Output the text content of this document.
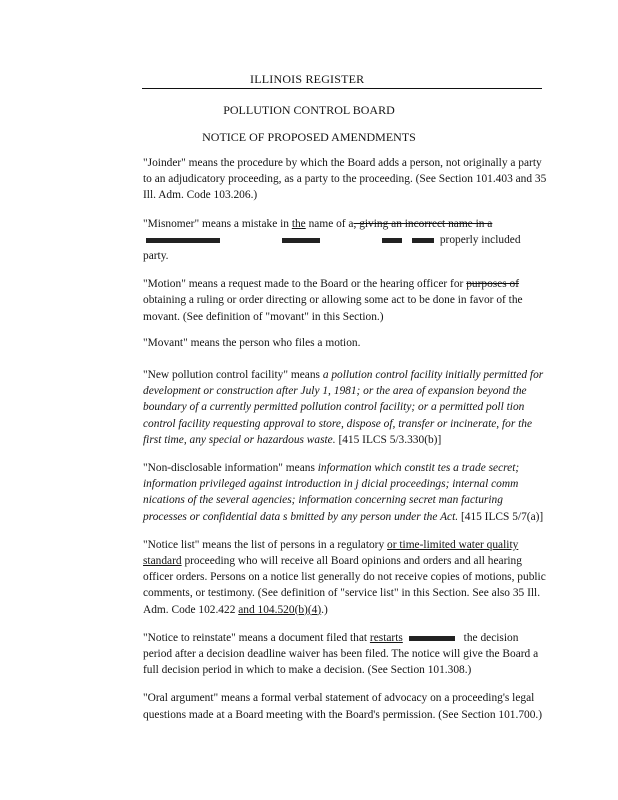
ILLINOIS REGISTER
POLLUTION CONTROL BOARD
NOTICE OF PROPOSED AMENDMENTS

"Joinder" means the procedure by which the Board adds a person, not originally a party to an adjudicatory proceeding, as a party to the proceeding. (See Section 101.403 and 35 Ill. Adm. Code 103.206.)

"Misnomer" means a mistake in the name of a, giving an incorrect name in a
properly included party.

"Motion" means a request made to the Board or the hearing officer for purposes of obtaining a ruling or order directing or allowing some act to be done in favor of the movant. (See definition of "movant" in this Section.)

"Movant" means the person who files a motion.

"New pollution control facility" means a pollution control facility initially permitted for development or construction after July 1, 1981; or the area of expansion beyond the boundary of a currently permitted pollution control facility; or a permitted poll tion control facility requesting approval to store, dispose of, transfer or incinerate, for the first time, any special or hazardous waste. [415 ILCS 5/3.330(b)]

"Non-disclosable information" means information which constit tes a trade secret; information privileged against introduction in j dicial proceedings; internal comm nications of the several agencies; information concerning secret man facturing processes or confidential data s bmitted by any person under the Act. [415 ILCS 5/7(a)]

"Notice list" means the list of persons in a regulatory or time-limited water quality standard proceeding who will receive all Board opinions and orders and all hearing officer orders. Persons on a notice list generally do not receive copies of motions, public comments, or testimony. (See definition of "service list" in this Section. See also 35 Ill. Adm. Code 102.422 and 104.520(b)(4).)

"Notice to reinstate" means a document filed that restarts	the decision period after a decision deadline waiver has been filed. The notice will give the Board a full decision period in which to make a decision. (See Section 101.308.)

"Oral argument" means a formal verbal statement of advocacy on a proceeding's legal questions made at a Board meeting with the Board's permission. (See Section 101.700.)
